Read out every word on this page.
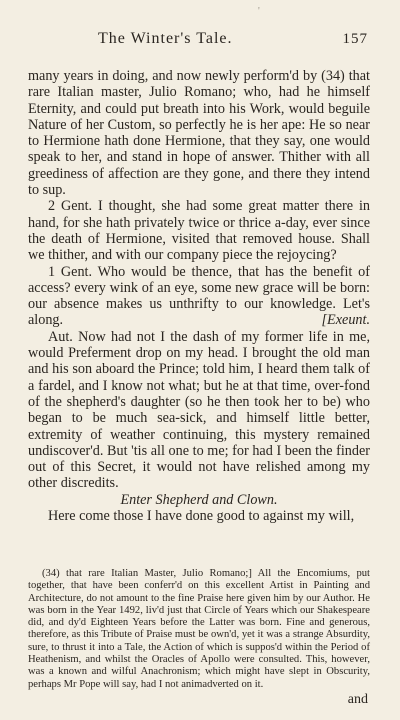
'
The Winter's Tale.	157

many years in doing, and now newly perform'd by (34) that rare Italian master, Julio Romano; who, had he himself Eternity, and could put breath into his Work, would beguile Nature of her Custom, so perfectly he is her ape: He so near to Hermione hath done Hermione, that they say, one would speak to her, and stand in hope of answer. Thither with all greediness of affection are they gone, and there they intend to sup.

2 Gent. I thought, she had some great matter there in hand, for she hath privately twice or thrice a-day, ever since the death of Hermione, visited that removed house. Shall we thither, and with our company piece the rejoycing?

1 Gent. Who would be thence, that has the benefit of access? every wink of an eye, some new grace will be born: our absence makes us unthrifty to our knowledge. Let's along.	[Exeunt.

Aut. Now had not I the dash of my former life in me, would Preferment drop on my head. I brought the old man and his son aboard the Prince; told him, I heard them talk of a fardel, and I know not what; but he at that time, over-fond of the shepherd's daughter (so he then took her to be) who began to be much sea-sick, and himself little better, extremity of weather continuing, this mystery remained undiscover'd. But 'tis all one to me; for had I been the finder out of this Secret, it would not have relished among my other discredits.

Enter Shepherd and Clown.

Here come those I have done good to against my will,

(34) that rare Italian Master, Julio Romano;] All the Encomiums, put together, that have been conferr'd on this excellent Artist in Painting and Architecture, do not amount to the fine Praise here given him by our Author. He was born in the Year 1492, liv'd just that Circle of Years which our Shakespeare did, and dy'd Eighteen Years before the Latter was born. Fine and generous, therefore, as this Tribute of Praise must be own'd, yet it was a strange Absurdity, sure, to thrust it into a Tale, the Action of which is suppos'd within the Period of Heathenism, and whilst the Oracles of Apollo were consulted. This, however, was a known and wilful Anachronism; which might have slept in Obscurity, perhaps Mr Pope will say, had I not animadverted on it.

and
